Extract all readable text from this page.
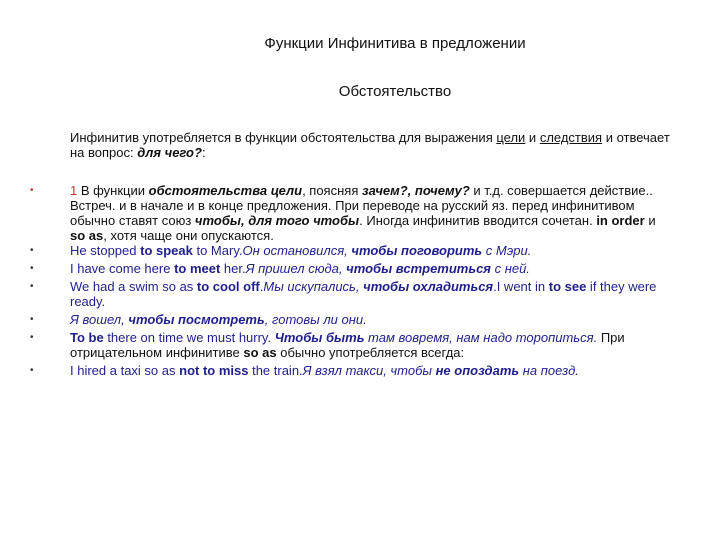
Функции Инфинитива в предложении
Обстоятельство
Инфинитив употребляется в функции обстоятельства для выражения цели и следствия и отвечает на вопрос: для чего?:
•	1 В функции обстоятельства цели, поясняя зачем?, почему? и т.д. совершается действие.. Встреч. и в начале и в конце предложения. При переводе на русский яз. перед инфинитивом обычно ставят союз чтобы, для того чтобы. Иногда инфинитив вводится сочетан. in order и so as, хотя чаще они опускаются.
•	He stopped to speak to Mary.Он остановился, чтобы поговорить с Мэри.
•	I have come here to meet her.Я пришел сюда, чтобы встретиться с ней.
•	We had a swim so as to cool off.Мы искупались, чтобы охладиться.I went in to see if they were ready.
•	Я вошел, чтобы посмотреть, готовы ли они.
•	To be there on time we must hurry. Чтобы быть там вовремя, нам надо торопиться. При отрицательном инфинитиве so as обычно употребляется всегда:
•	I hired a taxi so as not to miss the train.Я взял такси, чтобы не опоздать на поезд.
